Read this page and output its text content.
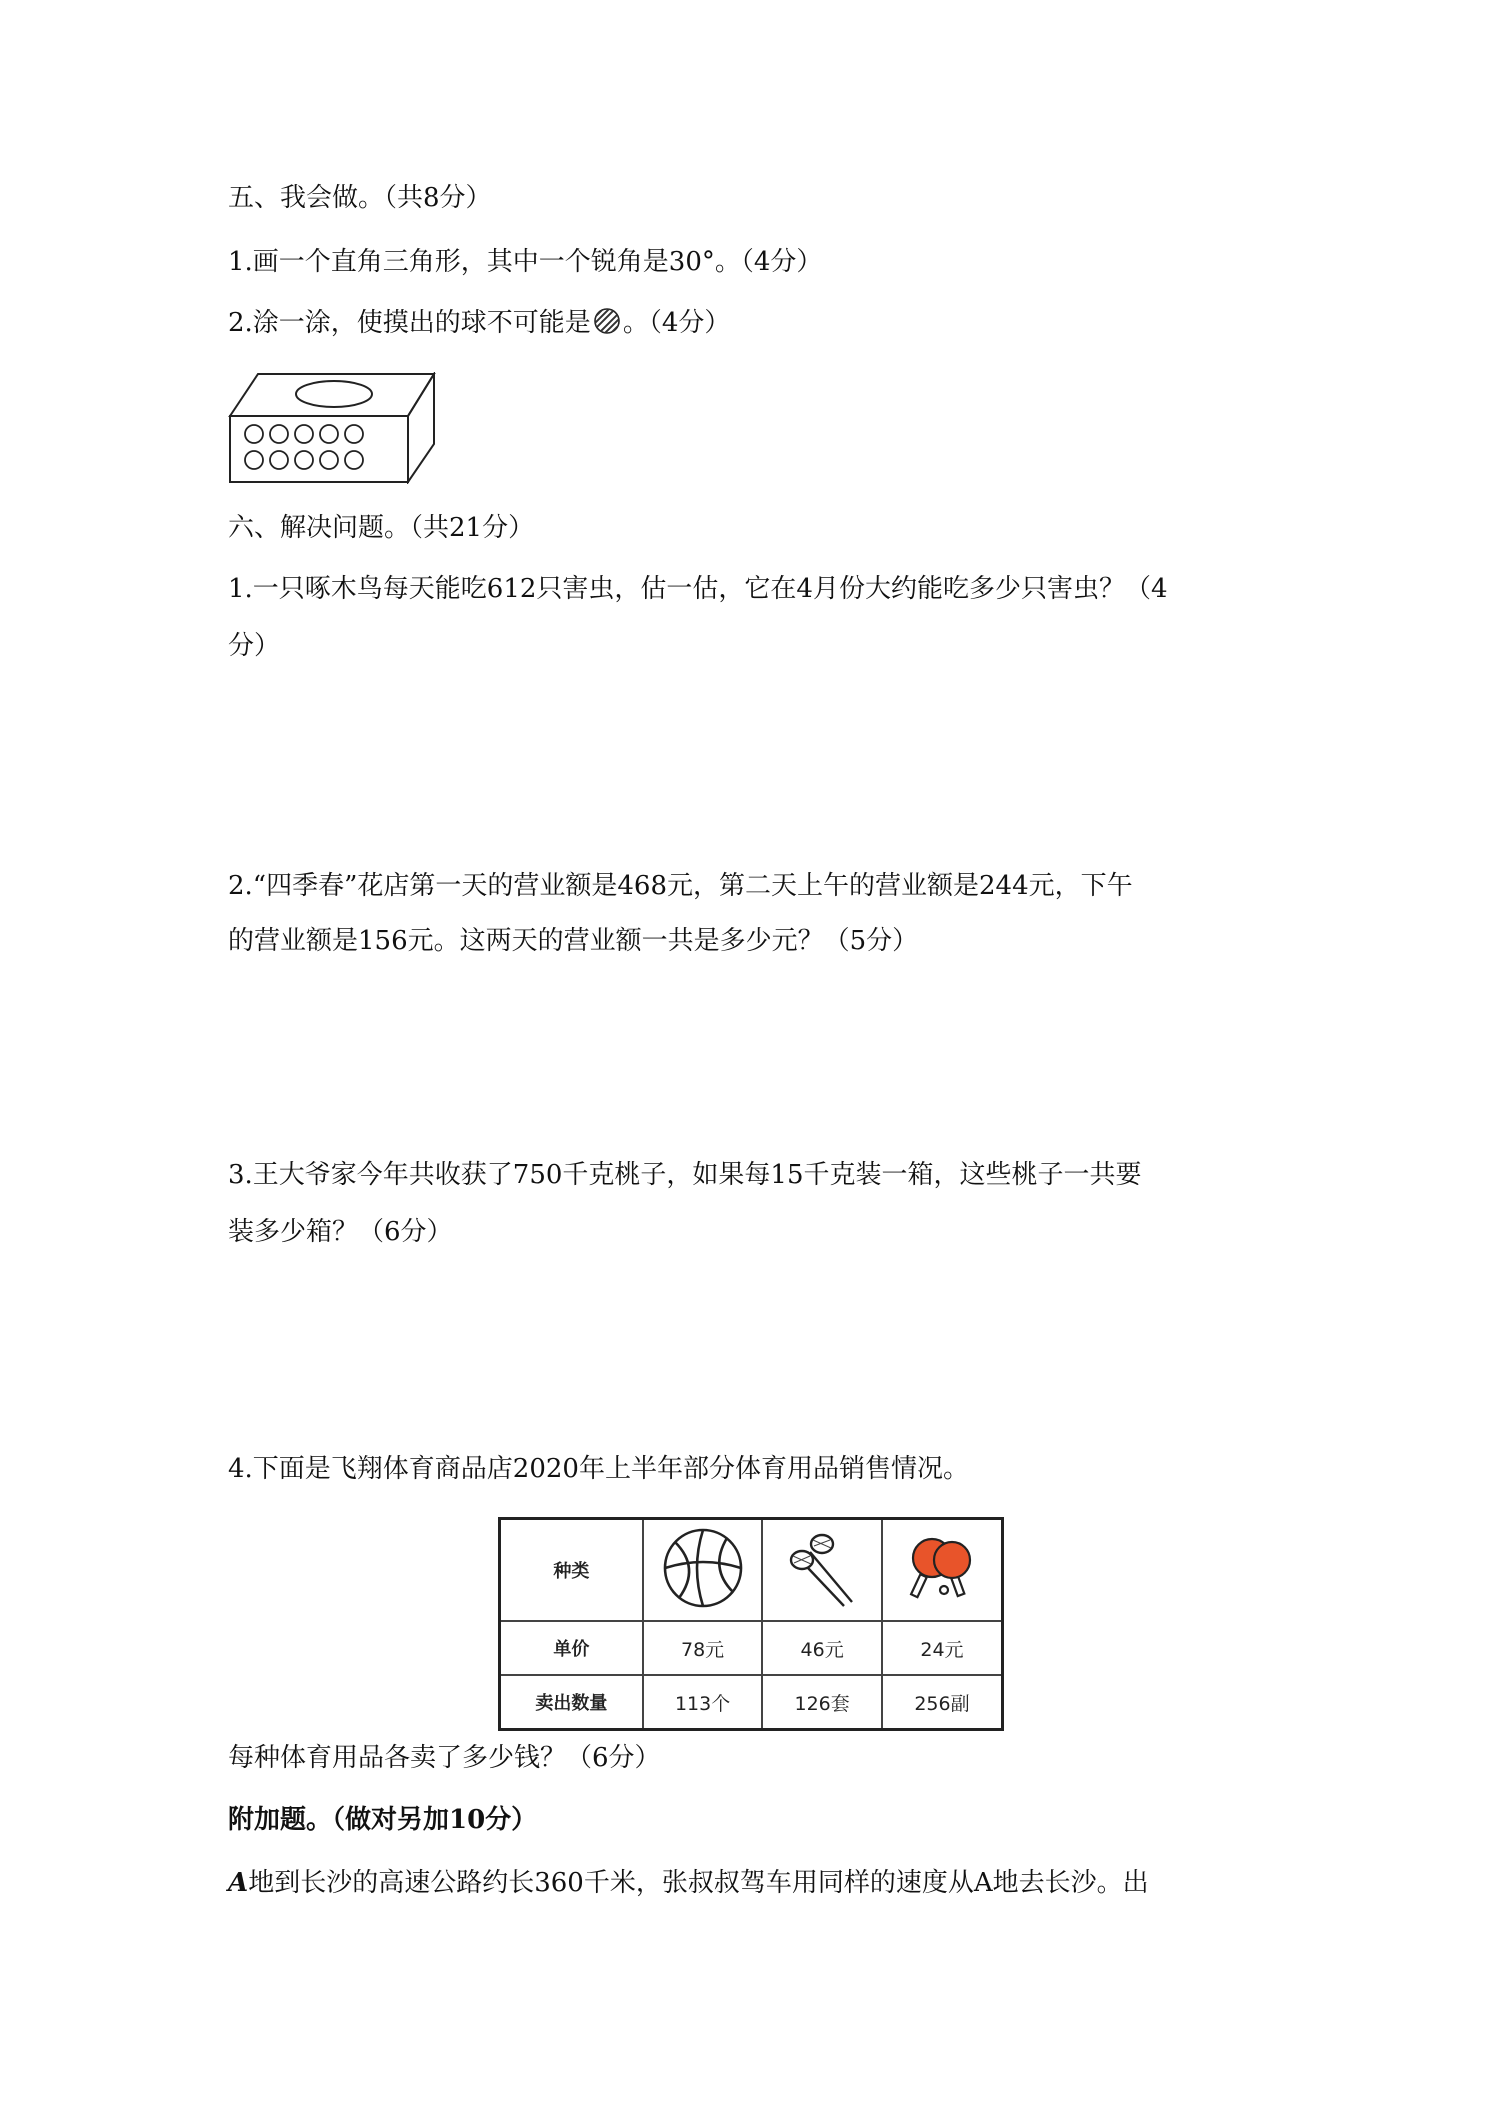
五、我会做。（共8分）
1.画一个直角三角形，其中一个锐角是30°。（4分）
2.涂一涂，使摸出的球不可能是 。（4分）
六、解决问题。（共21分）
1.一只啄木鸟每天能吃612只害虫，估一估，它在4月份大约能吃多少只害虫？（4
分）
2.“四季春”花店第一天的营业额是468元，第二天上午的营业额是244元，下午
的营业额是156元。这两天的营业额一共是多少元？（5分）
3.王大爷家今年共收获了750千克桃子，如果每15千克装一箱，这些桃子一共要
装多少箱？（6分）
4.下面是飞翔体育商品店2020年上半年部分体育用品销售情况。
种类			
单价	78元	46元	24元
卖出数量	113个	126套	256副
每种体育用品各卖了多少钱？（6分）
附加题。（做对另加10分）
A地到长沙的高速公路约长360千米，张叔叔驾车用同样的速度从A地去长沙。出
